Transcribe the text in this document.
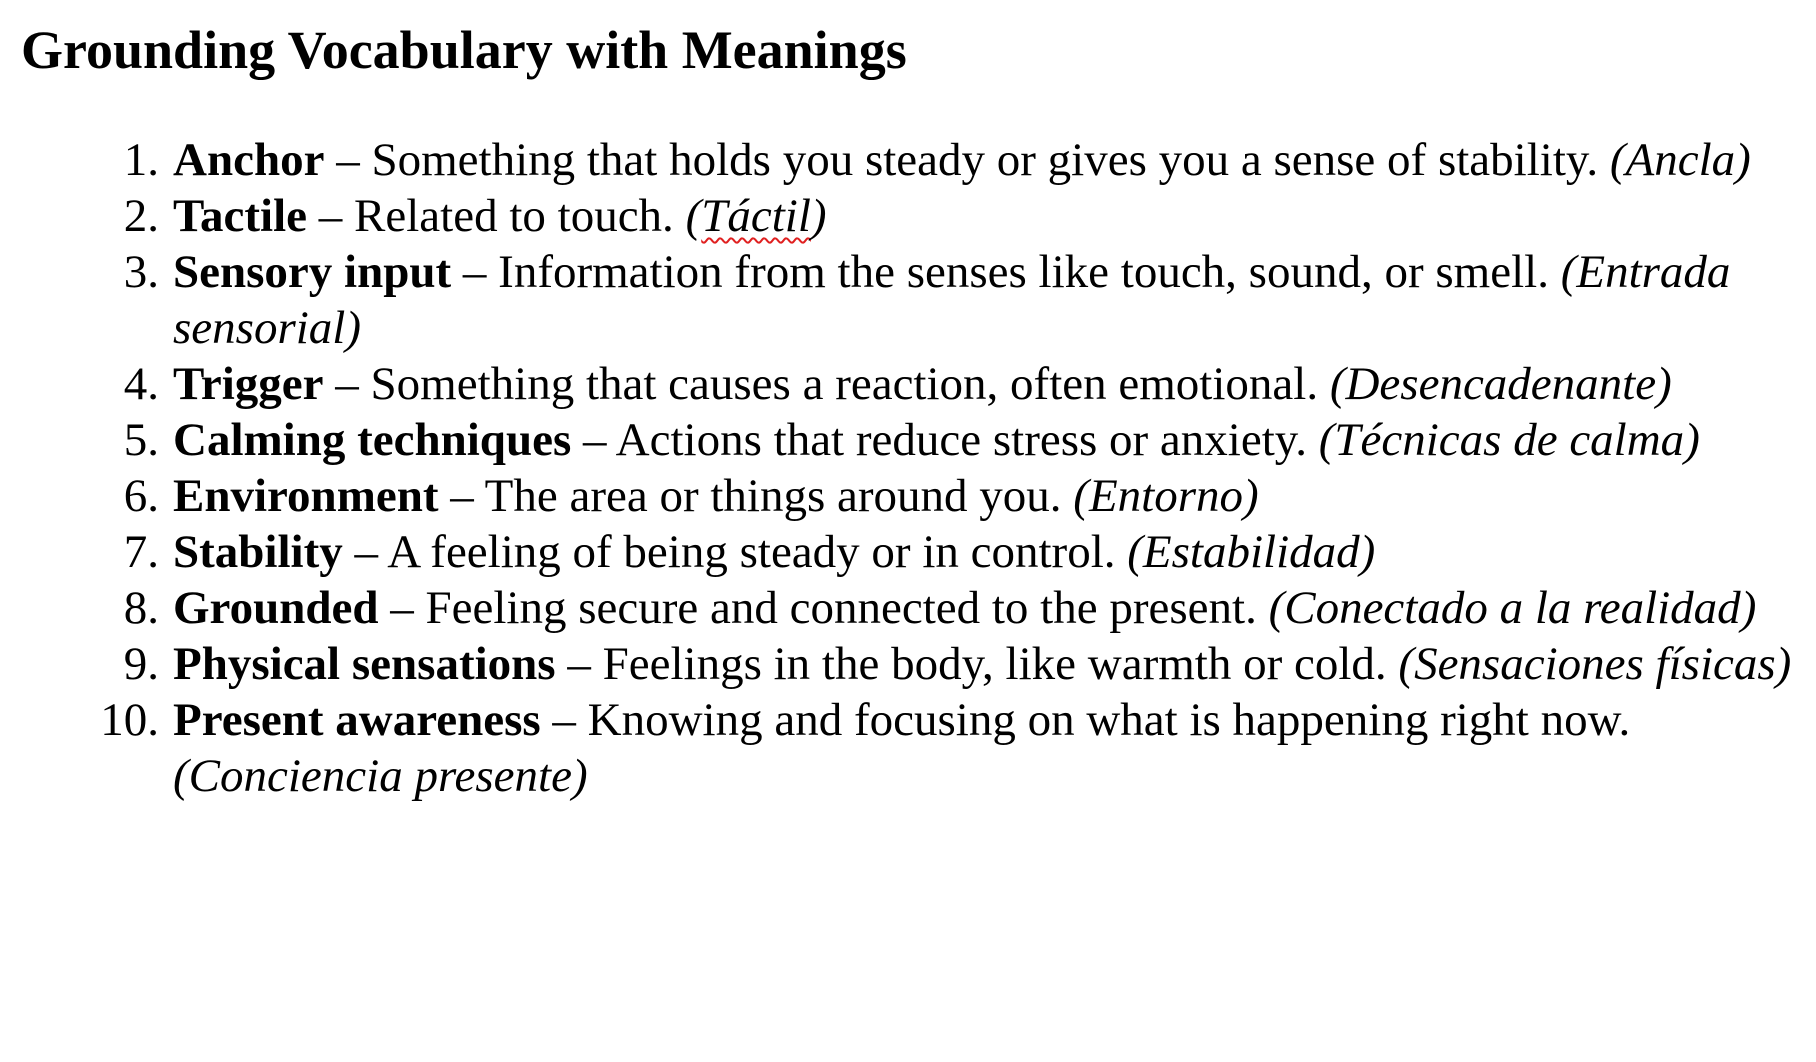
Grounding Vocabulary with Meanings
1. Anchor – Something that holds you steady or gives you a sense of stability. (Ancla)
2. Tactile – Related to touch. (Táctil)
3. Sensory input – Information from the senses like touch, sound, or smell. (Entrada sensorial)
4. Trigger – Something that causes a reaction, often emotional. (Desencadenante)
5. Calming techniques – Actions that reduce stress or anxiety. (Técnicas de calma)
6. Environment – The area or things around you. (Entorno)
7. Stability – A feeling of being steady or in control. (Estabilidad)
8. Grounded – Feeling secure and connected to the present. (Conectado a la realidad)
9. Physical sensations – Feelings in the body, like warmth or cold. (Sensaciones físicas)
10. Present awareness – Knowing and focusing on what is happening right now. (Conciencia presente)
